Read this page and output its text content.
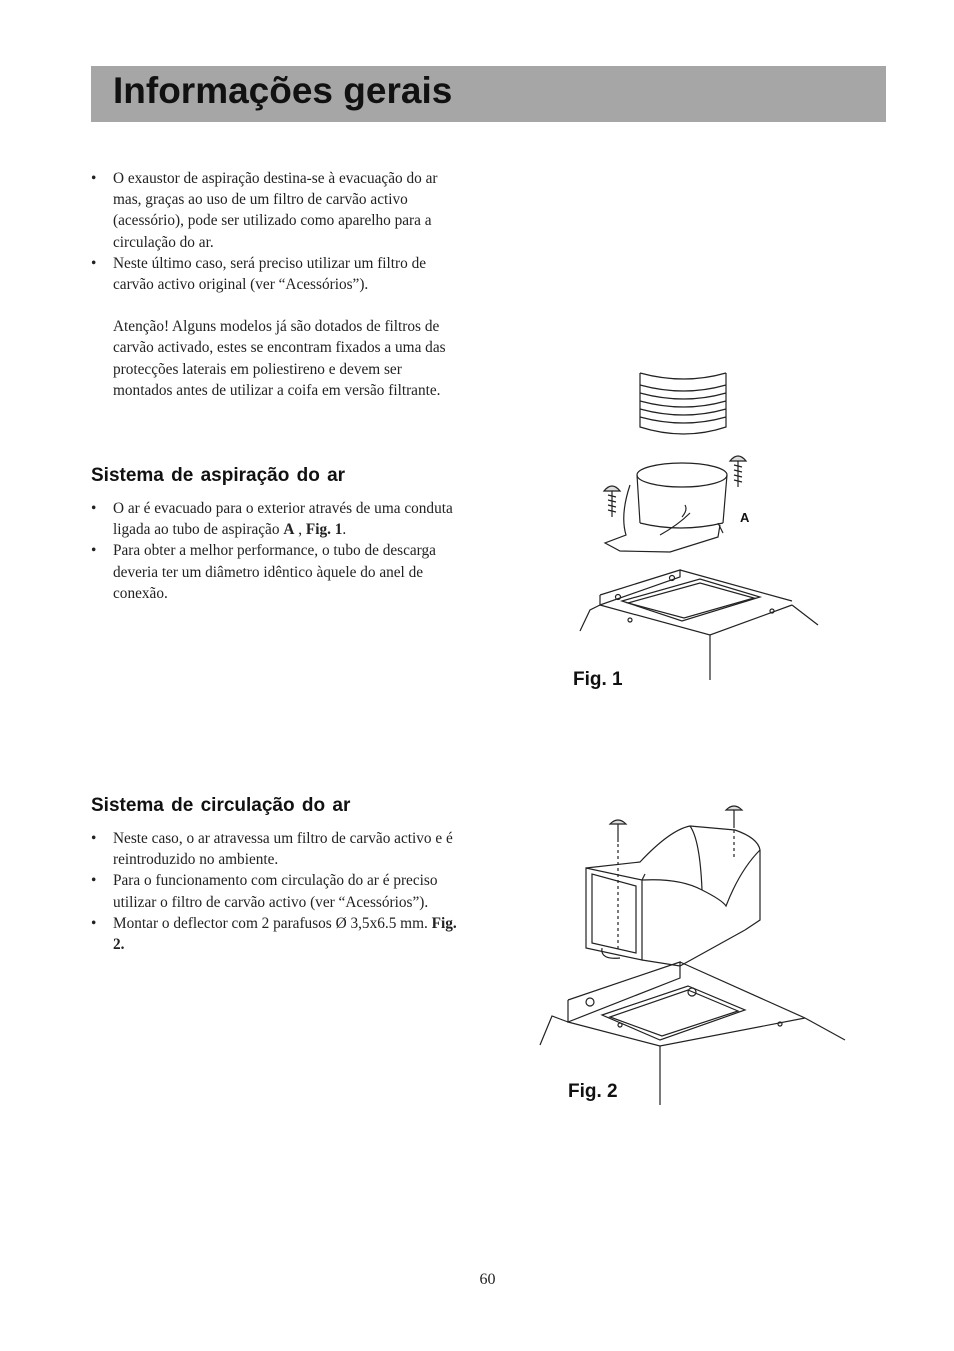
Informações gerais
• O exaustor de aspiração destina-se à evacuação do ar mas, graças ao uso de um filtro de carvão activo (acessório), pode ser utilizado como aparelho para a circulação do ar.
• Neste último caso, será preciso utilizar um filtro de carvão activo original (ver “Acessórios”).
Atenção! Alguns modelos já são dotados de filtros de carvão activado, estes se encontram fixados a uma das protecções laterais em poliestireno e devem ser montados antes de utilizar a coifa em versão filtrante.
Sistema de aspiração do ar
• O ar é evacuado para o exterior através de uma conduta ligada ao tubo de aspiração A , Fig. 1.
• Para obter a melhor performance, o tubo de descarga deveria ter um diâmetro idêntico àquele do anel de conexão.
Sistema de circulação do ar
• Neste caso, o ar atravessa um filtro de carvão activo e é reintroduzido no ambiente.
• Para o funcionamento com circulação do ar é preciso utilizar o filtro de carvão activo (ver “Acessórios”).
• Montar o deflector com 2 parafusos Ø 3,5x6.5 mm. Fig. 2.
A
Fig. 1
Fig. 2
60
